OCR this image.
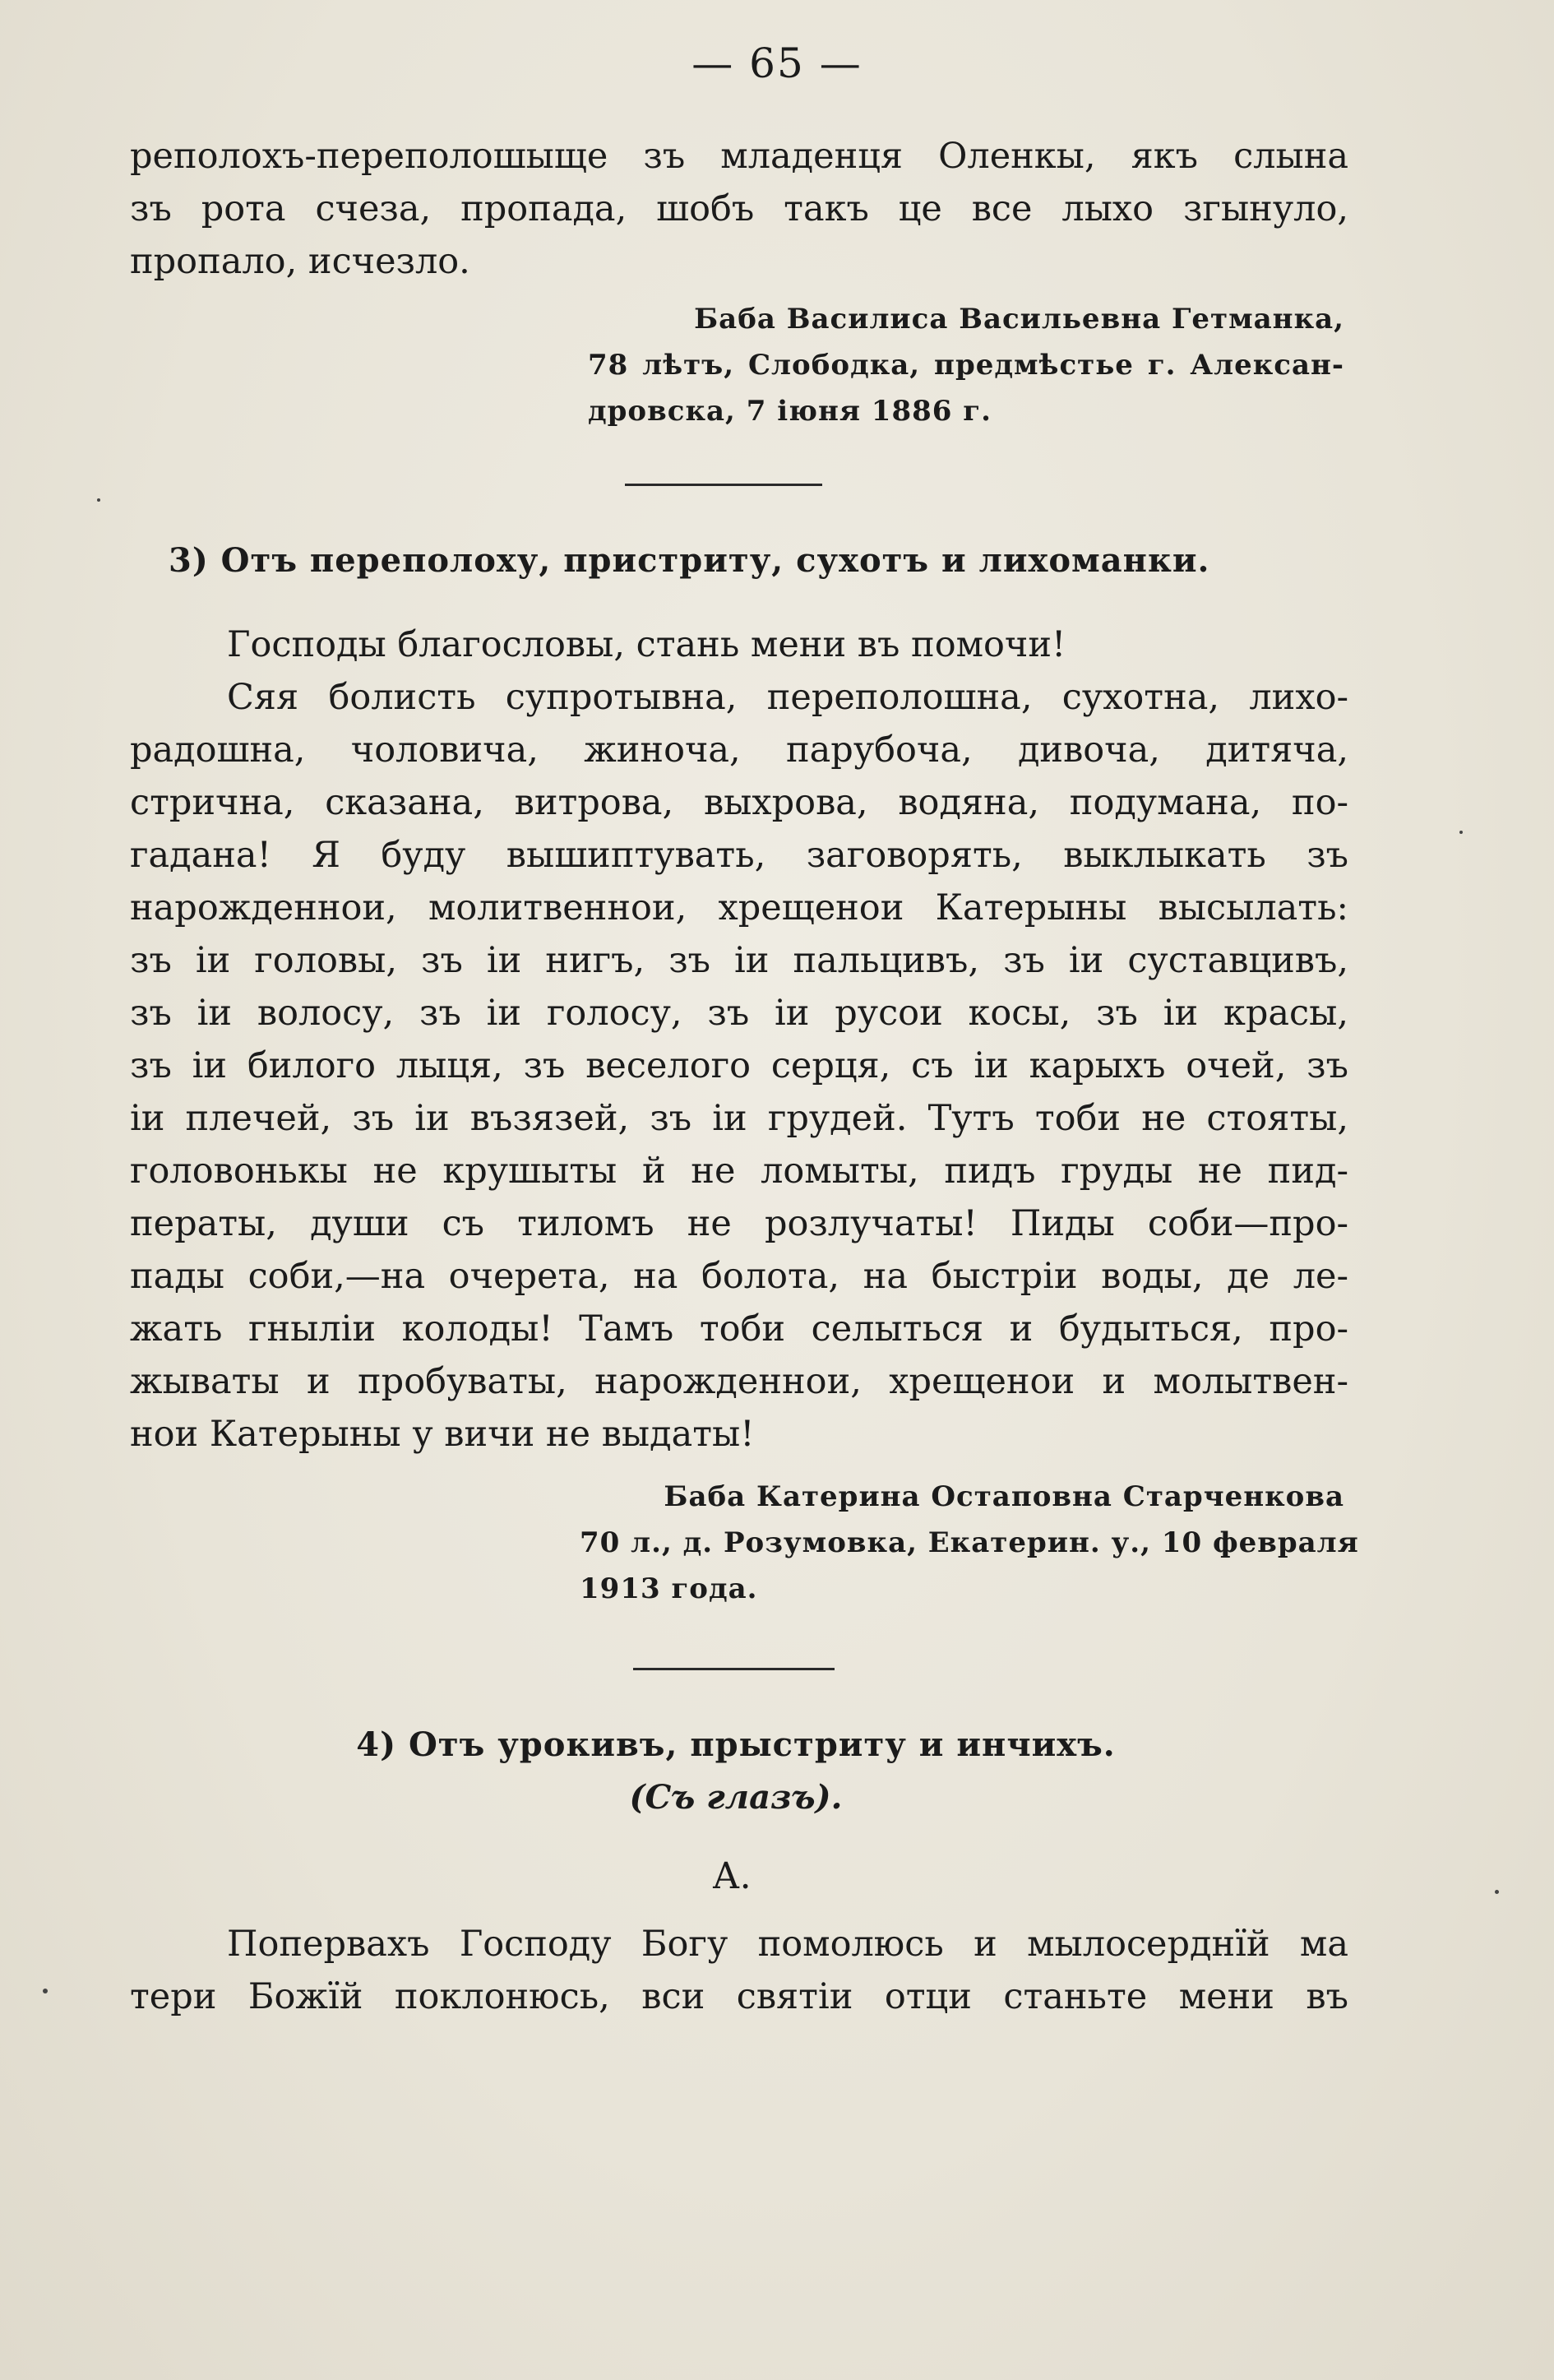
— 65 —
реполохъ-переполошыще зъ младенця Оленкы, якъ слына
зъ рота счеза, пропада, шобъ такъ це все лыхо згынуло,
пропало, исчезло.
Баба Василиса Васильевна Гетманка,
78 лѣтъ, Слободка, предмѣстье г. Алексан-
дровска, 7 іюня 1886 г.
3) Отъ переполоху, пристриту, сухотъ и лихоманки.
Господы благословы, стань мени въ помочи!
Сяя болисть супротывна, переполошна, сухотна, лихо-
радошна, чоловича, жиноча, парубоча, дивоча, дитяча,
стрична, сказана, витрова, выхрова, водяна, подумана, по-
гадана! Я буду вышиптувать, заговорять, выклыкать зъ
нарожденнои, молитвеннои, хрещенои Катерыны высылать:
зъ іи головы, зъ іи нигъ, зъ іи пальцивъ, зъ іи суставцивъ,
зъ іи волосу, зъ іи голосу, зъ іи русои косы, зъ іи красы,
зъ іи билого лыця, зъ веселого серця, съ іи карыхъ очей, зъ
іи плечей, зъ іи възязей, зъ іи грудей. Тутъ тоби не стояты,
головонькы не крушыты й не ломыты, пидъ груды не пид-
ператы, души съ тиломъ не розлучаты! Пиды соби—про-
пады соби,—на очерета, на болота, на быстріи воды, де ле-
жать гныліи колоды! Тамъ тоби селыться и будыться, про-
жываты и пробуваты, нарожденнои, хрещенои и молытвен-
нои Катерыны у вичи не выдаты!
Баба Катерина Остаповна Старченкова
70 л., д. Розумовка, Екатерин. у., 10 февраля
1913 года.
4) Отъ урокивъ, прыстриту и инчихъ.
(Съ глазъ).
А.
Попервахъ Господу Богу помолюсь и мылосерднїй ма
тери Божїй поклонюсь, вси святіи отци станьте мени въ
